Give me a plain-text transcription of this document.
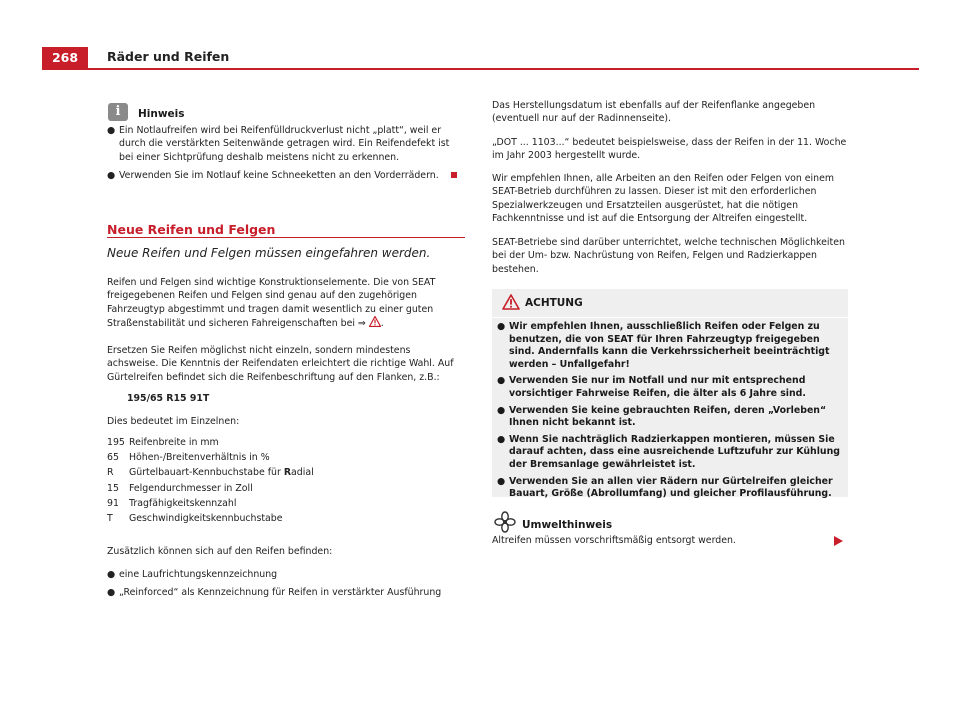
268	Räder und Reifen
i	Hinweis
● Ein Notlaufreifen wird bei Reifenfülldruckverlust nicht „platt“, weil er durch die verstärkten Seitenwände getragen wird. Ein Reifendefekt ist bei einer Sichtprüfung deshalb meistens nicht zu erkennen.
● Verwenden Sie im Notlauf keine Schneeketten an den Vorderrädern.
Neue Reifen und Felgen
Neue Reifen und Felgen müssen eingefahren werden.
Reifen und Felgen sind wichtige Konstruktionselemente. Die von SEAT freigegebenen Reifen und Felgen sind genau auf den zugehörigen Fahrzeugtyp abgestimmt und tragen damit wesentlich zu einer guten Straßenstabilität und sicheren Fahreigenschaften bei ⇒ .
Ersetzen Sie Reifen möglichst nicht einzeln, sondern mindestens achsweise. Die Kenntnis der Reifendaten erleichtert die richtige Wahl. Auf Gürtelreifen befindet sich die Reifenbeschriftung auf den Flanken, z.B.:
195/65 R15 91T
Dies bedeutet im Einzelnen:
195 Reifenbreite in mm
65	Höhen-/Breitenverhältnis in %
R	Gürtelbauart-Kennbuchstabe für Radial
15	Felgendurchmesser in Zoll
91	Tragfähigkeitskennzahl
T	Geschwindigkeitskennbuchstabe
Zusätzlich können sich auf den Reifen befinden:
● eine Laufrichtungskennzeichnung
● „Reinforced“ als Kennzeichnung für Reifen in verstärkter Ausführung
Das Herstellungsdatum ist ebenfalls auf der Reifenflanke angegeben (eventuell nur auf der Radinnenseite).
„DOT ... 1103...“ bedeutet beispielsweise, dass der Reifen in der 11. Woche im Jahr 2003 hergestellt wurde.
Wir empfehlen Ihnen, alle Arbeiten an den Reifen oder Felgen von einem SEAT-Betrieb durchführen zu lassen. Dieser ist mit den erforderlichen Spezialwerkzeugen und Ersatzteilen ausgerüstet, hat die nötigen Fachkenntnisse und ist auf die Entsorgung der Altreifen eingestellt.
SEAT-Betriebe sind darüber unterrichtet, welche technischen Möglichkeiten bei der Um- bzw. Nachrüstung von Reifen, Felgen und Radzierkappen bestehen.
ACHTUNG
● Wir empfehlen Ihnen, ausschließlich Reifen oder Felgen zu benutzen, die von SEAT für Ihren Fahrzeugtyp freigegeben sind. Andernfalls kann die Verkehrssicherheit beeinträchtigt werden – Unfallgefahr!
● Verwenden Sie nur im Notfall und nur mit entsprechend vorsichtiger Fahrweise Reifen, die älter als 6 Jahre sind.
● Verwenden Sie keine gebrauchten Reifen, deren „Vorleben“ Ihnen nicht bekannt ist.
● Wenn Sie nachträglich Radzierkappen montieren, müssen Sie darauf achten, dass eine ausreichende Luftzufuhr zur Kühlung der Bremsanlage gewährleistet ist.
● Verwenden Sie an allen vier Rädern nur Gürtelreifen gleicher Bauart, Größe (Abrollumfang) und gleicher Profilausführung.
Umwelthinweis
Altreifen müssen vorschriftsmäßig entsorgt werden.
